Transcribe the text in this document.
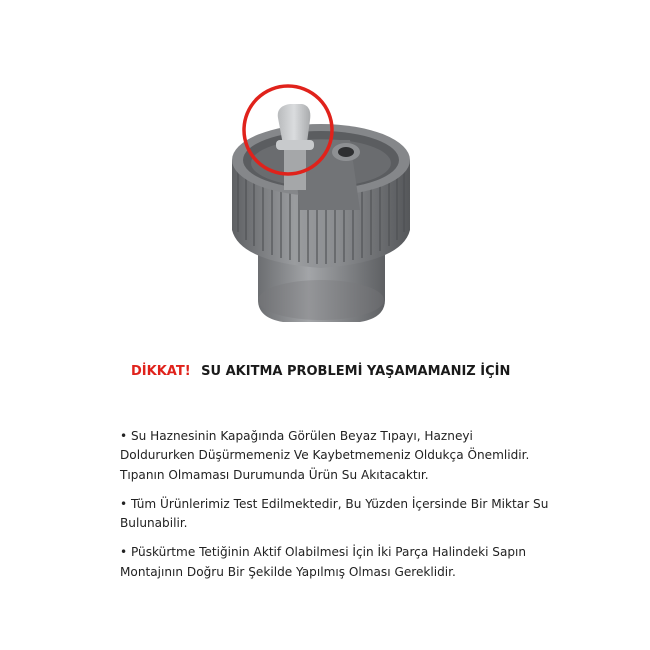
DİKKAT! SU AKITMA PROBLEMİ YAŞAMAMANIZ İÇİN
• Su Haznesinin Kapağında Görülen Beyaz Tıpayı, Hazneyi Doldururken Düşürmemeniz Ve Kaybetmemeniz Oldukça Önemlidir. Tıpanın Olmaması Durumunda Ürün Su Akıtacaktır.
• Tüm Ürünlerimiz Test Edilmektedir, Bu Yüzden İçersinde Bir Miktar Su Bulunabilir.
• Püskürtme Tetiğinin Aktif Olabilmesi İçin İki Parça Halindeki Sapın Montajının Doğru Bir Şekilde Yapılmış Olması Gereklidir.
